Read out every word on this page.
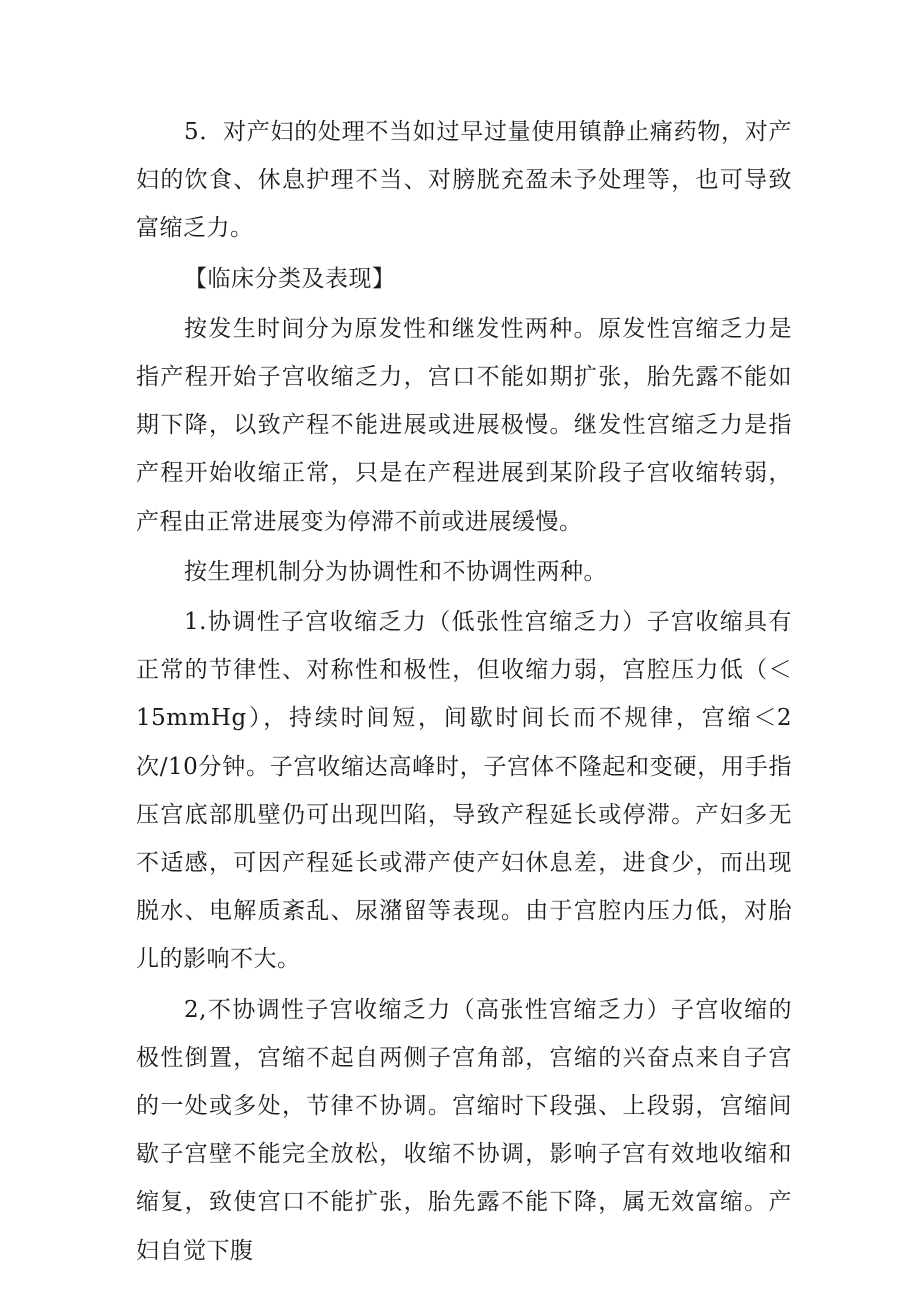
5．对产妇的处理不当如过早过量使用镇静止痛药物，对产妇的饮食、休息护理不当、对膀胱充盈未予处理等，也可导致富缩乏力。

【临床分类及表现】

按发生时间分为原发性和继发性两种。原发性宫缩乏力是指产程开始子宫收缩乏力，宫口不能如期扩张，胎先露不能如期下降，以致产程不能进展或进展极慢。继发性宫缩乏力是指产程开始收缩正常，只是在产程进展到某阶段子宫收缩转弱，产程由正常进展变为停滞不前或进展缓慢。

按生理机制分为协调性和不协调性两种。

1.协调性子宫收缩乏力（低张性宫缩乏力）子宫收缩具有正常的节律性、对称性和极性，但收缩力弱，宫腔压力低（＜15mmHg），持续时间短，间歇时间长而不规律，宫缩＜2次/10分钟。子宫收缩达高峰时，子宫体不隆起和变硬，用手指压宫底部肌壁仍可出现凹陷，导致产程延长或停滞。产妇多无不适感，可因产程延长或滞产使产妇休息差，进食少，而出现脱水、电解质紊乱、尿潴留等表现。由于宫腔内压力低，对胎儿的影响不大。

2,不协调性子宫收缩乏力（高张性宫缩乏力）子宫收缩的极性倒置，宫缩不起自两侧子宫角部，宫缩的兴奋点来自子宫的一处或多处，节律不协调。宫缩时下段强、上段弱，宫缩间歇子宫壁不能完全放松，收缩不协调，影响子宫有效地收缩和缩复，致使宫口不能扩张，胎先露不能下降，属无效富缩。产妇自觉下腹
